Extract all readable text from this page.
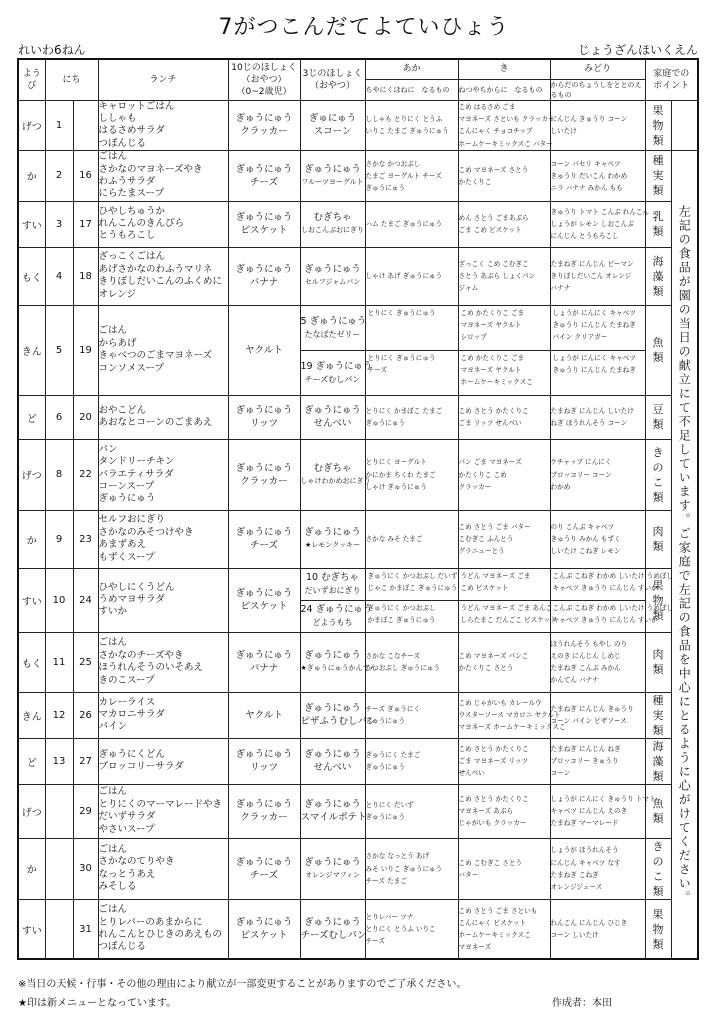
7がつこんだてよていひょう
れいわ6ねん	じょうざんほいくえん
ようび	にち	ランチ	10じのほしょく
（おやつ）
（0~2歳児）	3じのほしょく
（おやつ）	あか	き	みどり	家庭での
ポイント
ちやにくほねに　なるもの	ねつやちからに　なるもの	からだのちょうしをととのえるもの
げつ	1		キャロットごはん
ししゃも
はるさめサラダ
つぼんじる	ぎゅうにゅう
クラッカー	ぎゅにゅう
スコーン	ししゃも とりにく とうふ
いりこ たまご ぎゅうにゅう	こめ はるさめ ごま
マヨネーズ さといも クラッカー
こんにゃく チョコチップ
ホームケーキミックスこ バター	にんじん きゅうり コーン
しいたけ	果物類	
か	2	16	ごはん
さかなのマヨネーズやき
わふうサラダ
にらたまスープ	ぎゅうにゅう
チーズ	ぎゅうにゅう
フルーツヨーグルト
	さかな かつおぶし
たまご ヨーグルト チーズ
ぎゅうにゅう	こめ マヨネーズ さとう
かたくりこ	コーン パセリ キャベツ
きゅうり だいこん わかめ
ニラ バナナ みかん もも	種実類	左記の食品が園の当日の献立にて不足しています。ご家庭で左記の食品を中心にとるように心がけてください。
すい	3	17	ひやしちゅうか
れんこんのきんぴら
とうもろこし	ぎゅうにゅう
ビスケット	むぎちゃ
しおこんぶおにぎり
	ハム たまご ぎゅうにゅう	めん さとう ごまあぶら
ごま こめ ビスケット	きゅうり トマト こんぶ れんこん
しょうが レモン しおこんぶ
にんじん とうもろこし	乳類
もく	4	18	ざっこくごはん
あげさかなのわふうマリネ
きりぼしだいこんのふくめに
オレンジ	ぎゅうにゅう
バナナ	ぎゅうにゅう
セルフジャムパン
	しゃけ あげ ぎゅうにゅう	ざっこく こめ こむぎこ
さとう あぶら しょくパン
ジャム	たまねぎ にんじん ピーマン
きりぼしだいこん オレンジ
バナナ	海藻類
きん	5	19	ごはん
からあげ
きゃべつのごまマヨネーズ
コンソメスープ	ヤクルト	
5 ぎゅうにゅう
たなばたゼリー
19 ぎゅうにゅう
チーズむしパン

とりにく ぎゅうにゅう
とりにく ぎゅうにゅう
チーズ

こめ かたくりこ ごま
マヨネーズ ヤクルト
シロップ
こめ かたくりこ ごま
マヨネーズ ヤクルト
ホームケーキミックスこ

しょうが にんにく キャベツ
きゅうり にんじん たまねぎ
パイン クリアガー
しょうが にんにく キャベツ
きゅうり にんじん たまねぎ
	魚類
ど	6	20	おやこどん
あおなとコーンのごまあえ	ぎゅうにゅう
リッツ	ぎゅうにゅう
せんべい	とりにく かまぼこ たまご
ぎゅうにゅう	こめ さとう かたくりこ
ごま リッツ せんべい	たまねぎ にんじん しいたけ
ねぎ ほうれんそう コーン	豆類
げつ	8	22	パン
タンドリーチキン
バラエティサラダ
コーンスープ
ぎゅうにゅう	ぎゅうにゅう
クラッカー	むぎちゃ
しゃけわかめおにぎり
	とりにく ヨーグルト
かにかま ちくわ たまご
しゃけ ぎゅうにゅう	パン ごま マヨネーズ
かたくりこ こめ
クラッカー	ケチャップ にんにく
ブロッコリー コーン
わかめ	きのこ類
か	9	23	セルフおにぎり
さかなのみそつけやき
あまずあえ
もずくスープ	ぎゅうにゅう
チーズ	ぎゅうにゅう
★レモンクッキー
	さかな みそ たまご	こめ さとう ごま バター
こむぎこ ふんとう
グラニューとう	のり こんぶ キャベツ
きゅうり みかん もずく
しいたけ こねぎ レモン	肉類
すい	10	24	ひやしにくうどん
うめマヨサラダ
すいか	ぎゅうにゅう
ビスケット	
10 むぎちゃ
だいずおにぎり
24 ぎゅうにゅう
どようもち

ぎゅうにく かつおぶし だいず
じゃこ かまぼこ ぎゅうにゅう
ぎゅうにく かつおぶし
かまぼこ ぎゅうにゅう

うどん マヨネーズ ごま
こめ ビスケット
うどん マヨネーズ ごま あんこ
しらたまこ だんごこ ビスケット

こんぶ こねぎ わかめ しいたけ うめぼし
キャベツ きゅうり にんじん すいか
こんぶ こねぎ わかめ しいたけ うめぼし
キャベツ きゅうり にんじん すいか
	果物類
もく	11	25	ごはん
さかなのチーズやき
ほうれんそうのいそあえ
きのこスープ	ぎゅうにゅう
バナナ	ぎゅうにゅう
★ぎゅうにゅうかんてん
	さかな こなチーズ
かつおぶし ぎゅうにゅう	こめ マヨネーズ パンこ
かたくりこ さとう	ほうれんそう もやし のり
えのき にんじん しめじ
たまねぎ こんぶ みかん
かんてん バナナ	肉類
きん	12	26	カレーライス
マカロニサラダ
パイン	ヤクルト	ぎゅうにゅう
ピザふうむしパン	チーズ ぎゅうにく
ぎゅうにゅう	こめ じゃがいも カレールウ
ウスターソース マカロニ ヤクルト
マヨネーズ ホームケーキミックスこ	たまねぎ にんじん きゅうり
コーン パイン ピザソース	種実類
ど	13	27	ぎゅうにくどん
ブロッコリーサラダ	ぎゅうにゅう
リッツ	ぎゅうにゅう
せんべい	ぎゅうにく たまご
ぎゅうにゅう	こめ さとう かたくりこ
ごま マヨネーズ リッツ
せんべい	たまねぎ にんじん ねぎ
ブロッコリー きゅうり
コーン	海藻類
げつ		29	ごはん
とりにくのマーマレードやき
だいずサラダ
やさいスープ	ぎゅうにゅう
クラッカー	ぎゅうにゅう
スマイルポテト	とりにく だいず
ぎゅうにゅう	こめ さとう かたくりこ
マヨネーズ あぶら
じゃがいも クラッカー	しょうが にんにく きゅうり トマト
キャベツ にんじん えのき
たまねぎ マーマレード	魚類
か		30	ごはん
さかなのてりやき
なっとうあえ
みそしる	ぎゅうにゅう
チーズ	ぎゅうにゅう
オレンジマフィン
	さかな なっとう あげ
みそ いりこ ぎゅうにゅう
チーズ たまご	こめ こむぎこ さとう
バター	しょうが ほうれんそう
にんじん キャベツ なす
たまねぎ こねぎ
オレンジジュース	きのこ類
すい		31	ごはん
とりレバーのあまからに
れんこんとひじきのあえもの
つぼんじる	ぎゅうにゅう
ビスケット	ぎゅうにゅう
チーズむしパン	とりレバー ツナ
とりにく とうふ いりこ
チーズ	こめ さとう ごま さといも
こんにゃく ビスケット
ホームケーキミックスこ
マヨネーズ	れんこん にんじん ひじき
コーン しいたけ	果物類
※当日の天候・行事・その他の理由により献立が一部変更することがありますのでご了承ください。
★印は新メニューとなっています。	作成者：本田
